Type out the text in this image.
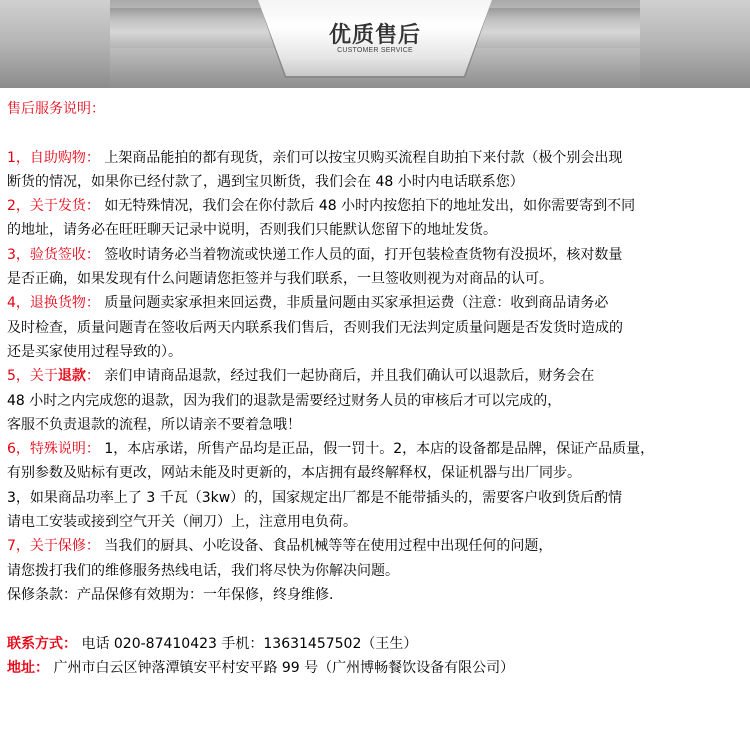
优质售后
CUSTOMER SERVICE
售后服务说明：
1，自助购物： 上架商品能拍的都有现货，亲们可以按宝贝购买流程自助拍下来付款（极个别会出现
断货的情况，如果你已经付款了，遇到宝贝断货，我们会在 48 小时内电话联系您）
2，关于发货： 如无特殊情况，我们会在你付款后 48 小时内按您拍下的地址发出，如你需要寄到不同
的地址，请务必在旺旺聊天记录中说明，否则我们只能默认您留下的地址发货。
3，验货签收： 签收时请务必当着物流或快递工作人员的面，打开包装检查货物有没损坏，核对数量
是否正确，如果发现有什么问题请您拒签并与我们联系，一旦签收则视为对商品的认可。
4，退换货物： 质量问题卖家承担来回运费，非质量问题由买家承担运费（注意：收到商品请务必
及时检查，质量问题青在签收后两天内联系我们售后，否则我们无法判定质量问题是否发货时造成的
还是买家使用过程导致的）。
5，关于退款： 亲们申请商品退款，经过我们一起协商后，并且我们确认可以退款后，财务会在
48 小时之内完成您的退款，因为我们的退款是需要经过财务人员的审核后才可以完成的，
客服不负责退款的流程，所以请亲不要着急哦！
6，特殊说明： 1，本店承诺，所售产品均是正品，假一罚十。2，本店的设备都是品牌，保证产品质量，
有别参数及贴标有更改，网站未能及时更新的，本店拥有最终解释权，保证机器与出厂同步。
3，如果商品功率上了 3 千瓦（3kw）的，国家规定出厂都是不能带插头的，需要客户收到货后酌情
请电工安装或接到空气开关（闸刀）上，注意用电负荷。
7，关于保修： 当我们的厨具、小吃设备、食品机械等等在使用过程中出现任何的问题，
请您拨打我们的维修服务热线电话，我们将尽快为你解决问题。
保修条款：产品保修有效期为：一年保修，终身维修.
联系方式： 电话 020-87410423 手机：13631457502（王生）
地址： 广州市白云区钟落潭镇安平村安平路 99 号（广州博畅餐饮设备有限公司）
